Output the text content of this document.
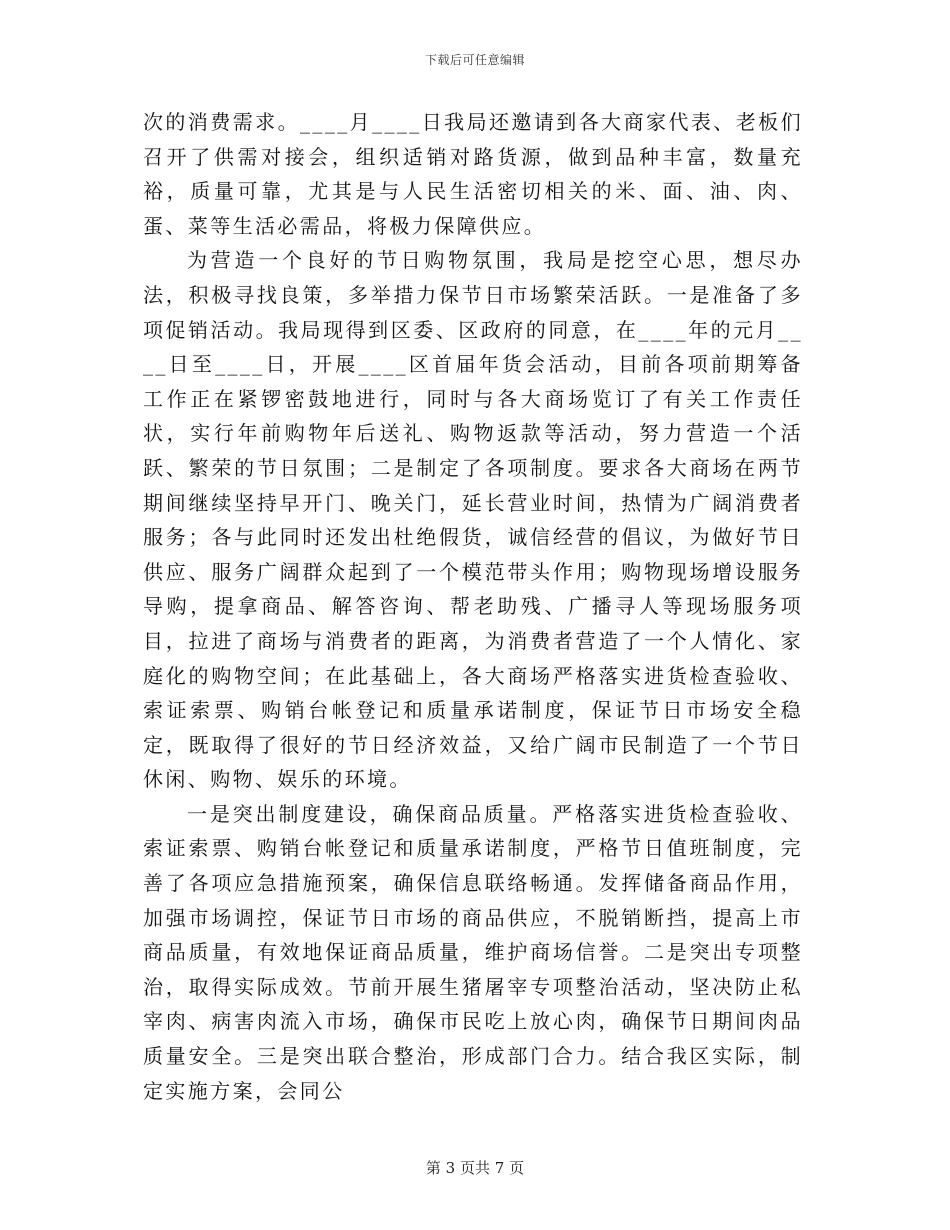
下载后可任意编辑

次的消费需求。____月____日我局还邀请到各大商家代表、老板们召开了供需对接会，组织适销对路货源，做到品种丰富，数量充裕，质量可靠，尤其是与人民生活密切相关的米、面、油、肉、蛋、菜等生活必需品，将极力保障供应。

为营造一个良好的节日购物氛围，我局是挖空心思，想尽办法，积极寻找良策，多举措力保节日市场繁荣活跃。一是准备了多项促销活动。我局现得到区委、区政府的同意，在____年的元月____日至____日，开展____区首届年货会活动，目前各项前期筹备工作正在紧锣密鼓地进行，同时与各大商场览订了有关工作责任状，实行年前购物年后送礼、购物返款等活动，努力营造一个活跃、繁荣的节日氛围；二是制定了各项制度。要求各大商场在两节期间继续坚持早开门、晚关门，延长营业时间，热情为广阔消费者服务；各与此同时还发出杜绝假货，诚信经营的倡议，为做好节日供应、服务广阔群众起到了一个模范带头作用；购物现场增设服务导购，提拿商品、解答咨询、帮老助残、广播寻人等现场服务项目，拉进了商场与消费者的距离，为消费者营造了一个人情化、家庭化的购物空间；在此基础上，各大商场严格落实进货检查验收、索证索票、购销台帐登记和质量承诺制度，保证节日市场安全稳定，既取得了很好的节日经济效益，又给广阔市民制造了一个节日休闲、购物、娱乐的环境。

一是突出制度建设，确保商品质量。严格落实进货检查验收、索证索票、购销台帐登记和质量承诺制度，严格节日值班制度，完善了各项应急措施预案，确保信息联络畅通。发挥储备商品作用，加强市场调控，保证节日市场的商品供应，不脱销断挡，提高上市商品质量，有效地保证商品质量，维护商场信誉。二是突出专项整治，取得实际成效。节前开展生猪屠宰专项整治活动，坚决防止私宰肉、病害肉流入市场，确保市民吃上放心肉，确保节日期间肉品质量安全。三是突出联合整治，形成部门合力。结合我区实际，制定实施方案，会同公

第 3 页共 7 页
